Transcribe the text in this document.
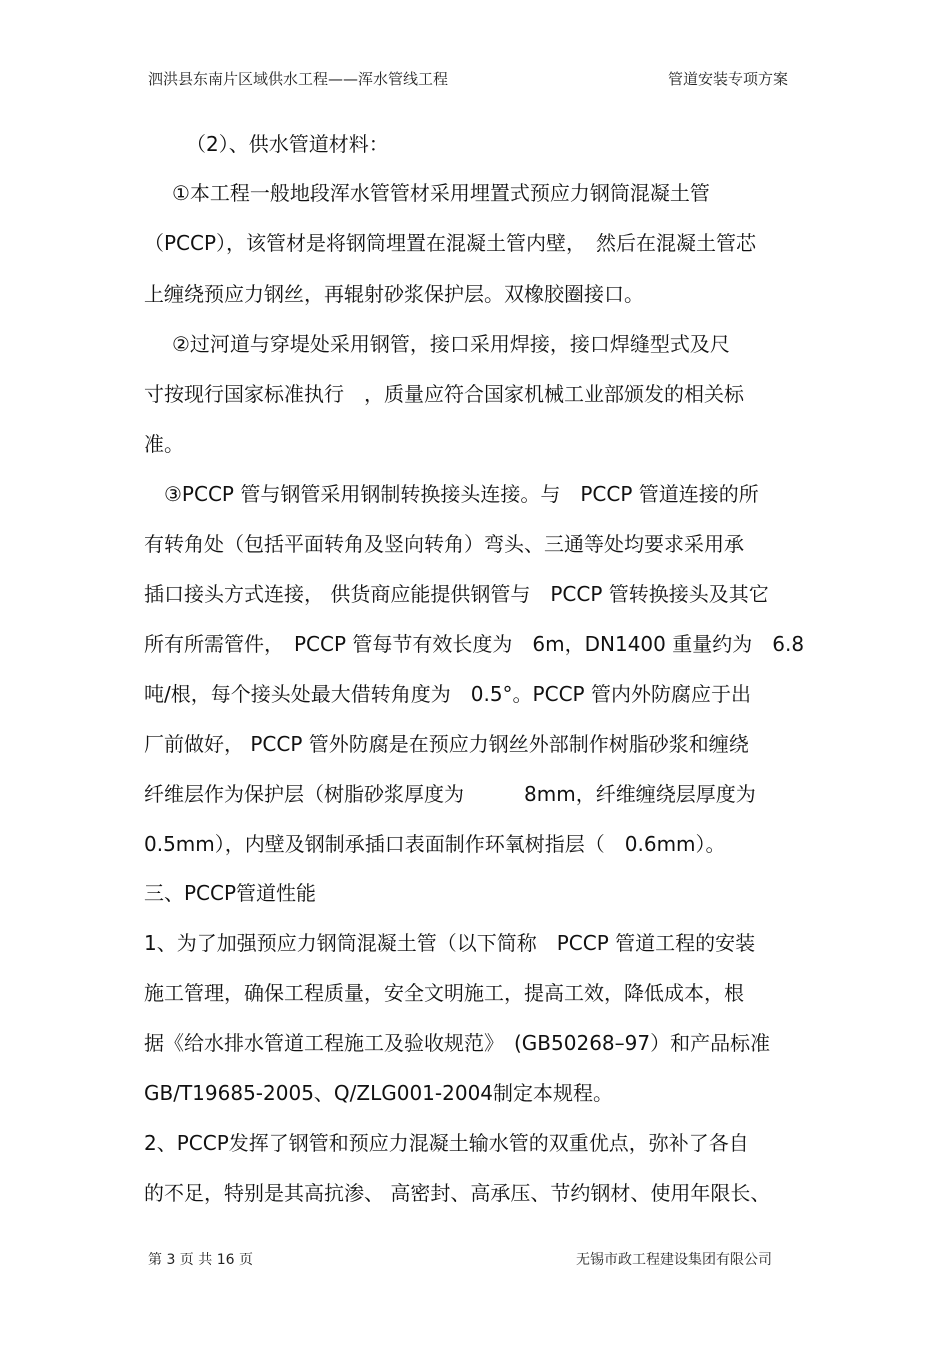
泗洪县东南片区域供水工程——浑水管线工程	管道安装专项方案
（2）、供水管道材料：
①本工程一般地段浑水管管材采用埋置式预应力钢筒混凝土管
（PCCP），该管材是将钢筒埋置在混凝土管内壁，　然后在混凝土管芯
上缠绕预应力钢丝，再辊射砂浆保护层。双橡胶圈接口。
②过河道与穿堤处采用钢管，接口采用焊接，接口焊缝型式及尺
寸按现行国家标准执行　，质量应符合国家机械工业部颁发的相关标
准。
③PCCP 管与钢管采用钢制转换接头连接。与　PCCP 管道连接的所
有转角处（包括平面转角及竖向转角）弯头、三通等处均要求采用承
插口接头方式连接， 供货商应能提供钢管与　PCCP 管转换接头及其它
所有所需管件，　PCCP 管每节有效长度为　6m，DN1400 重量约为　6.8
吨/根，每个接头处最大借转角度为　0.5°。PCCP 管内外防腐应于出
厂前做好， PCCP 管外防腐是在预应力钢丝外部制作树脂砂浆和缠绕
纤维层作为保护层（树脂砂浆厚度为　　　8mm，纤维缠绕层厚度为
0.5mm），内壁及钢制承插口表面制作环氧树指层（　0.6mm）。
三、PCCP管道性能
1、为了加强预应力钢筒混凝土管（以下简称　PCCP 管道工程的安装
施工管理，确保工程质量，安全文明施工，提高工效，降低成本，根
据《给水排水管道工程施工及验收规范》　(GB50268–97）和产品标准
GB/T19685-2005、Q/ZLG001-2004制定本规程。
2、PCCP发挥了钢管和预应力混凝土输水管的双重优点，弥补了各自
的不足，特别是其高抗渗、 高密封、高承压、节约钢材、使用年限长、
第 3 页 共 16 页	无锡市政工程建设集团有限公司
